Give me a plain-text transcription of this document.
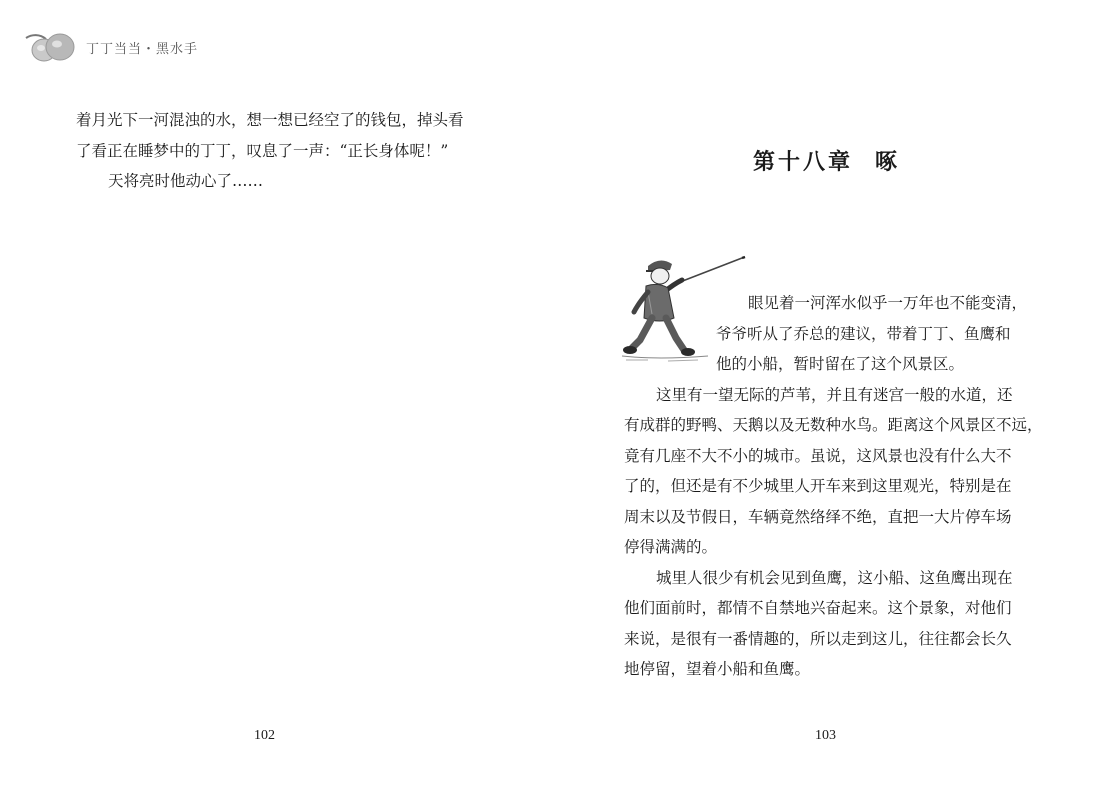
丁丁当当・黑水手
着月光下一河混浊的水，想一想已经空了的钱包，掉头看
了看正在睡梦中的丁丁，叹息了一声：“正长身体呢！”
天将亮时他动心了……
102
第十八章 啄
眼见着一河浑水似乎一万年也不能变清，
爷爷听从了乔总的建议，带着丁丁、鱼鹰和
他的小船，暂时留在了这个风景区。
这里有一望无际的芦苇，并且有迷宫一般的水道，还
有成群的野鸭、天鹅以及无数种水鸟。距离这个风景区不远，
竟有几座不大不小的城市。虽说，这风景也没有什么大不
了的，但还是有不少城里人开车来到这里观光，特别是在
周末以及节假日，车辆竟然络绎不绝，直把一大片停车场
停得满满的。
城里人很少有机会见到鱼鹰，这小船、这鱼鹰出现在
他们面前时，都情不自禁地兴奋起来。这个景象，对他们
来说，是很有一番情趣的，所以走到这儿，往往都会长久
地停留，望着小船和鱼鹰。
103
